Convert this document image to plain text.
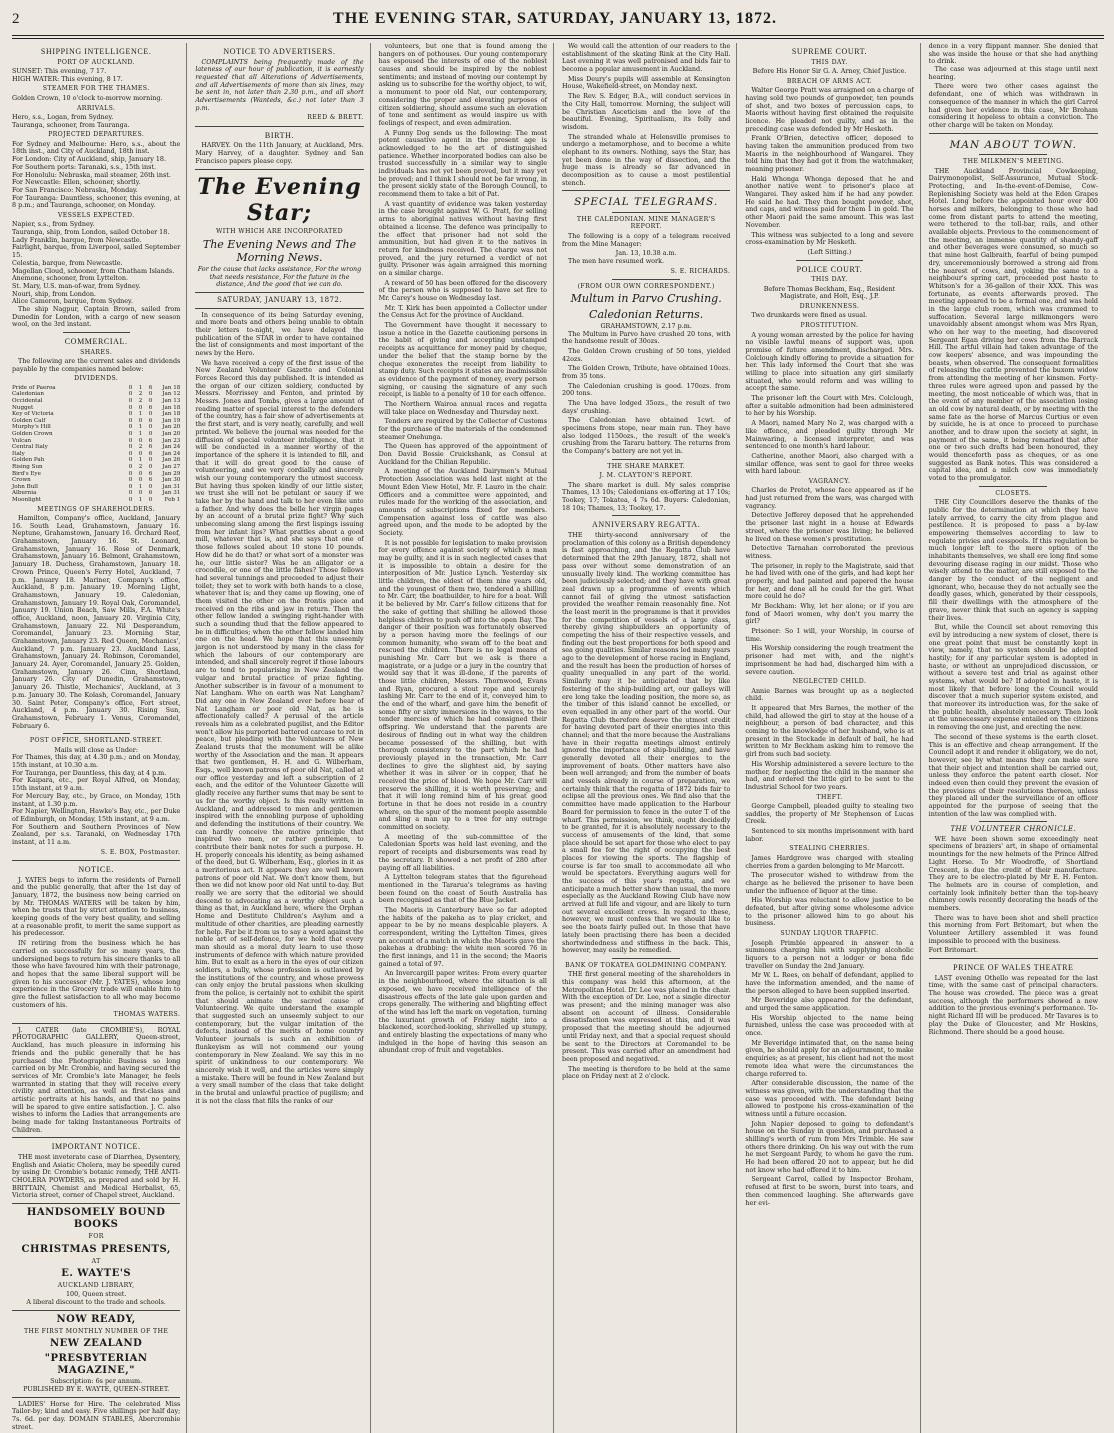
2	THE EVENING STAR, SATURDAY, JANUARY 13, 1872.
SHIPPING INTELLIGENCE.
PORT OF AUCKLAND.

SUNSET: This evening, 7 17.

HIGH WATER: This evening, 8 17.

STEAMER FOR THE THAMES.

Golden Crown, 10 o'clock to-morrow morning.

ARRIVALS.

Hero, s.s., Logan, from Sydney.

Tauranga, schooner, from Tauranga.

PROJECTED DEPARTURES.

For Sydney and Melbourne: Hero, s.s., about the 18th inst., and City of Auckland, 18th inst.

For London: City of Auckland, ship, January 18.

For Southern ports: Taranaki, s.s., 15th inst.

For Honolulu: Nebraska, mail steamer, 26th inst.

For Newcastle: Ellen, schooner, shortly.

For San Francisco: Nebraska, Monday.

For Tauranga: Dauntless, schooner, this evening, at 8 p.m.; and Tauranga, schooner, on Monday.

VESSELS EXPECTED.

Napier, s.s., from Sydney.

Tauranga, ship, from London, sailed October 18.

Lady Franklin, barque, from Newcastle.

Fairlight, barque, from Liverpool, sailed September 15.

Celestia, barque, from Newcastle.

Magellan Cloud, schooner, from Chatham Islands.

Anemone, schooner, from Lyttelton.

St. Mary, U.S. man-of-war, from Sydney.

Nouri, ship, from London.

Alice Cameron, barque, from Sydney.

The ship Nagpur, Captain Brown, sailed from Dunedin for London, with a cargo of new season wool, on the 3rd instant.

COMMERCIAL.
SHARES.

The following are the current sales and dividends payable by the companies named below:

DIVIDENDS.
Pride of Paeroa	0	1	6	Jan 18
Caledonian	0	2	0	Jan 12
Occidental	0	2	0	Jan 13
Nugget	0	0	6	Jan 18
Key of Victoria	0	1	0	Jan 18
Golden Calf	0	0	6	Jan 19
Murphy's Hill	0	1	0	Jan 20
Golden Crown	0	1	0	Jan 20
Vulcan	0	0	6	Jan 23
Central Italy	0	2	6	Jan 24
Italy	0	0	6	Jan 24
Golden Pah	0	1	0	Jan 26
Rising Sun	0	2	0	Jan 27
Bird's Eye	0	0	6	Jan 29
Crown	0	0	6	Jan 30
John Bull	0	1	0	Jan 31
Alburnia	0	0	6	Jan 31
Moonlight	0	1	0	Feb 1
MEETINGS OF SHAREHOLDERS.

Hamilton, Company's office, Auckland, January 16. South Lead, Grahamstown, January 16. Neptune, Grahamstown, January 16. Orchard Reef, Grahamstown, January 16. St. Leonard, Grahamstown, January 16. Rose of Denmark, Grahamstown, January 16. Belmont, Grahamstown, January 18. Duchess, Grahamstown, January 18. Crown Prince, Queen's Ferry Hotel, Auckland, 7 p.m. January 18. Mariner, Company's office, Auckland, 8 p.m. January 19. Morning Light, Grahamstown, January 19. Caledonian, Grahamstown, January 19. Royal Oak, Coromandel, January 19. Union Beach, Saw Mills, F.A. White's office, Auckland, noon, January 20. Virginia City, Grahamstown, January 22. Nil Desperandum, Coromandel, January 23. Morning Star, Grahamstown, January 23. Red Queen, Mechanics', Auckland, 7 p.m. January 23. Auckland Lass, Grahamstown, January 24. Robinson, Coromandel, January 24. Ayer, Coromandel, January 25. Golden, Grahamstown, January 26. Cinn, Shortland, January 26. City of Dunedin, Grahamstown, January 26. Thistle, Mechanics', Auckland, at 3 p.m. January 30. The Kolash, Coromandel, January 30. Saint Peter, Company's office, Fort street, Auckland, 4 p.m. January 30. Rising Sun, Grahamstown, February 1. Venus, Coromandel, February 6.

POST OFFICE, SHORTLAND-STREET.

Mails will close as Under:

For Thames, this day, at 4.30 p.m.; and on Monday, 15th instant, at 10.30 a.m.

For Tauranga, per Dauntless, this day, at 4 p.m.

For Kaipara, etc., per Royal Alfred, on Monday, 15th instant, at 9 a.m.

For Mercury Bay, etc., by Grace, on Monday, 15th instant, at 1.30 p.m.

For Napier, Wellington, Hawke's Bay, etc., per Duke of Edinburgh, on Monday, 15th instant, at 9 a.m.

For Southern and Southern Provinces of New Zealand, per s.s. Taranaki, on Wednesday 17th instant, at 11 a.m.

S. E. BOX, Postmaster.
NOTICE.

J. YATES begs to inform the residents of Parnell and the public generally, that after the 1st day of January, 1872, the business now being carried on by Mr. THOMAS WATERS will be taken by him, when he trusts that by strict attention to business, keeping goods of the very best quality, and selling at a reasonable profit, to merit the same support as his predecessor.

IN retiring from the business which he has carried on successfully for so many years, the undersigned begs to return his sincere thanks to all those who have favoured him with their patronage, and hopes that the same liberal support will be given to his successor (Mr. J. YATES), whose long experience in the Grocery trade will enable him to give the fullest satisfaction to all who may become customers of his.

THOMAS WATERS.

J. CATER (late CROMBIE'S), ROYAL PHOTOGRAPHIC GALLERY, Queen-street, Auckland, has much pleasure in informing his friends and the public generally that he has purchased the Photographic Business so long carried on by Mr. Crombie, and having secured the services of Mr. Crombie's late Manager, he feels warranted in stating that they will receive every civility and attention, as well as first-class and artistic portraits at his hands, and that no pains will be spared to give entire satisfaction. J. C. also wishes to inform the Ladies that arrangements are being made for taking Instantaneous Portraits of Children.

IMPORTANT NOTICE.

THE most inveterate case of Diarrhea, Dysentery, English and Asiatic Cholera, may be speedily cured by using Dr. Crombie's botanic remedy, THE ANTI-CHOLERA POWDERS, as prepared and sold by H. BRITTAIN, Chemist and Medical Herbalist, 65, Victoria street, corner of Chapel street, Auckland.

HANDSOMELY BOUND BOOKS
FOR
CHRISTMAS PRESENTS,
AT
E. WAYTE'S
AUCKLAND LIBRARY,

100, Queen street.

A liberal discount to the trade and schools.

NOW READY,
THE FIRST MONTHLY NUMBER OF THE
NEW ZEALAND
"PRESBYTERIAN MAGAZINE,"

Subscription: 6s per annum.

PUBLISHED BY E. WAYTE, QUEEN-STREET.

LADIES' Horse for Hire. The celebrated Miss Tailor-by; kind and easy. Five shillings per half day; 7s. 6d. per day. DOMAIN STABLES, Abercrombie street.

NOTICE TO ADVERTISERS.

COMPLAINTS being frequently made of the lateness of our hour of publication, it is earnestly requested that all Alterations of Advertisements, and all Advertisements of more than six lines, may be sent in, not later than 2.30 p.m., and all short Advertisements (Wanteds, &c.) not later than 3 p.m.

REED & BRETT.
BIRTH.

HARVEY. On the 11th January, at Auckland, Mrs. Mary Harvey, of a daughter. Sydney and San Francisco papers please copy.

The Evening Star;
WITH WHICH ARE INCORPORATED
The Evening News and The Morning News.

For the cause that lacks assistance, For the wrong that needs resistance, For the future in the distance, And the good that we can do.

SATURDAY, JANUARY 13, 1872.

In consequence of its being Saturday evening, and more boats and others being unable to obtain their letters to-night, we have delayed the publication of the STAR in order to have contained the list of consignments and most important of the news by the Hero.

We have received a copy of the first issue of the New Zealand Volunteer Gazette and Colonial Forces Record this day published. It is intended as the organ of our citizen soldiery, conducted by Messrs. Morrissey and Fenton, and printed by Messrs. Jones and Tombs, gives a large amount of reading matter of special interest to the defenders of the country, has a fair show of advertisements at the first start, and is very neatly, carefully, and well printed. We believe the journal was needed for the diffusion of special volunteer intelligence, that it will be conducted in a manner worthy of the importance of the sphere it is intended to fill, and that it will do great good to the cause of volunteering, and we very cordially and sincerely wish our young contemporary the utmost success. But having thus spoken kindly of our little sister, we trust she will not be petulant or saucy if we take her by the hand and talk to her even like unto a father. And why does the belle her virgin pages by an account of a brutal prize fight? Why such unbecoming slang among the first lispings issuing from her infant lips? What prattles about a good mill, whatever that is, and she says that one of those fellows scaled about 10 stone 10 pounds. How did he do that? or what sort of a monster was he, our little sister? Was he an alligator or a crocodile, or one of the little fishes? Those fellows had several tunnings and proceeded to adjust their toilet; they set to work with both hands to a close, whatever that is; and they came up flowing, one of them visited the other on the frontis piece and received on the ribs and jaw in return. Then the other fellow landed a swinging right-hander with such a sounding thud that the fellow appeared to be in difficulties; when the other fellow landed him one on the head. We hope that this unseemly jargon is not understood by many in the class for which the labours of our contemporary are intended, and shall sincerely regret if those labours are to tend to popularising in New Zealand the vulgar and brutal practice of prize fighting. Another subscriber is in favour of a monument to Nat Langham. Who on earth was Nat Langham? Did any one in New Zealand ever before hear of Nat Langham or poor old Nat, as he is affectionately called? A perusal of the article reveals him as a celebrated pugilist, and the Editor won't allow his purported battered carcase to rot in peace, but pleading with the Volunteers of New Zealand trusts that the monument will be alike worthy of the Association and the man. It appears that two gentlemen, H. H. and G. Wilberham, Esqs., well known patrons of poor old Nat, called at our office yesterday and left a subscription of 2 each, and the editor of the Volunteer Gazette will gladly receive any further sums that may be sent to us for the worthy object. Is this really written in Auckland, and addressed to men and gentlemen inspired with the ennobling purpose of upholding and defending the institutions of their country. We can hardly conceive the motive principle that inspired two men, or rather gentlemen, to contribute their bank notes for such a purpose. H. H. properly conceals his identity, as being ashamed of the deed, but G. Wilberham, Esq., glories in it as a meritorious act. It appears they are well known patrons of poor old Nat. We don't know them, but then we did not know poor old Nat until to-day. But really we are sorry that the editorial we should descend to advocating as a worthy object such a thing as that, in Auckland here, where the Orphan Home and Destitute Children's Asylum and a multitude of other charities, are pleading earnestly for help. Far be it from us to say a word against the noble art of self-defence, for we hold that every man should as a moral duty learn to use those instruments of defence with which nature provided him. But to exalt as a hero in the eyes of our citizen soldiers, a bully, whose profession is outlawed by the institutions of the country, and whose prowess can only enjoy the brutal passions when skulking from the police, is certainly not to exhibit the spirit that should animate the sacred cause of Volunteering. We quite understand the example that suggested such an unseemly subject to our contemporary, but the vulgar imitation of the defects, instead of the merits of home country Volunteer journals is such an exhibition of flunkeyism as will not commend our young contemporary in New Zealand. We say this in no spirit of unkindness to our contemporary. We sincerely wish it well, and the articles were simply a mistake. There will be found in New Zealand but a very small number of the class that take delight in the brutal and unlawful practice of pugilism; and it is not the class that fills the ranks of our

volunteers, but one that is found among the hangers on of pothouses. Our young contemporary has espoused the interests of one of the noblest causes and should be inspired by the noblest sentiments; and instead of moving our contempt by asking us to subscribe for the worthy object, to wit, a monument to poor old Nat, our contemporary, considering the proper and elevating purposes of citizen soldiering, should assume such an elevation of tone and sentiment as would inspire us with feelings of respect, and even admiration.

A Funny Dog sends us the following: The most potent causative agent in the present age is acknowledged to be the art of distinguished patience. Whether incorporated bodies can also be trusted successfully in a similar way to single individuals has not yet been proved, but it may yet be proved; and I think I should not be far wrong, in the present sickly state of the Borough Council, to recommend them to take a bit of Pat.

A vast quantity of evidence was taken yesterday in the case brought against W. G. Pratt, for selling arms to aboriginal natives without having first obtained a license. The defence was principally to the effect that prisoner had not sold the ammunition, but had given it to the natives in return for kindness received. The charge was not proved, and the jury returned a verdict of not guilty. Prisoner was again arraigned this morning on a similar charge.

A reward of 50 has been offered for the discovery of the person who is supposed to have set fire to Mr. Carey's house on Wednesday last.

Mr. T. Kirk has been appointed a Collector under the Census Act for the province of Auckland.

The Government have thought it necessary to issue a notice in the Gazette cautioning persons in the habit of giving and accepting unstamped receipts as acquittance for money paid by cheque, under the belief that the stamp borne by the cheque exonerates the receipt from liability to stamp duty. Such receipts it states are inadmissible as evidence of the payment of money, every person signing, or causing the signature of any such receipt, is liable to a penalty of 10 for each offence.

The Northern Wairoa annual races and regatta will take place on Wednesday and Thursday next.

Tenders are required by the Collector of Customs for the purchase of the materials of the condemned steamer Onehunga.

The Queen has approved of the appointment of Don David Bossie Cruickshank, as Consul at Auckland for the Chilian Republic.

A meeting of the Auckland Dairymen's Mutual Protection Association was held last night at the Mount Eden View Hotel, Mr. F. Lauro in the chair. Officers and a committee were appointed, and rules made for the working of the association, and amounts of subscriptions fixed for members. Compensation against loss of cattle was also agreed upon, and the mode to be adopted by the Society.

It is not possible for legislation to make provision for every offence against society of which a man may be guilty, and it is in such neglected cases that it is impossible to obtain a desire for the interposition of Mr. Justice Lynch. Yesterday six little children, the eldest of them nine years old, and the youngest of them two, tendered a shilling to Mr. Carr, the boatbuilder, to hire for a boat. Will it be believed by Mr. Carr's fellow citizens that for the sake of getting that shilling he allowed those helpless children to push off into the open Bay. The danger of their position was fortunately observed by a person having more the feelings of our common humanity, who swam off to the boat and rescued the children. There is no legal means of punishing Mr. Carr but we ask is there a magistrate, or a judge or a jury in the country that would say that it was ill-done, if the parents of those little children, Messrs. Thornwood, Evans and Ryan, procured a stout rope and securely lashing Mr. Carr to the end of it, conveyed him to the end of the wharf, and gave him the benefit of some fifty or sixty immersions in the waves, to the tender mercies of which he had consigned their offspring. We understand that the parents are desirous of finding out in what way the children became possessed of the shilling, but with thorough consistency to the part which he had previously played in the transaction, Mr. Carr declines to give the slightest aid, by saying whether it was in silver or in copper, that he received the price of blood. We hope Mr. Carr will preserve the shilling, it is worth preserving; and that it will long remind him of his great good fortune in that he does not reside in a country where, on the spur of the moment people assemble and sling a man up to a tree for any outrage committed on society.

A meeting of the sub-committee of the Caledonian Sports was held last evening, and the report of receipts and disbursements was read by the secretary. It showed a net profit of 280 after paying off all liabilities.

A Lyttelton telegram states that the figurehead mentioned in the Tararua's telegrams as having been found on the coast of South Australia has been recognised as that of the Blue Jacket.

The Maoris in Canterbury have so far adopted the habits of the pakeha as to play cricket, and appear to be by no means despicable players. A correspondent, writing the Lyttelton Times, gives an account of a match in which the Maoris gave the pakehas a drubbing: the white men scored 76 in the first innings, and 11 in the second; the Maoris gained a total of 97.

An Invercargill paper writes: From every quarter in the neighbourhood, where the situation is all exposed, we have received intelligence of the disastrous effects of the late gale upon garden and crops generally. The withering and blighting effect of the wind has left the mark on vegetation, turning the luxuriant growth of Friday night into a blackened, scorched-looking, shrivelled up stumpy, and entirely blasting the expectations of many who indulged in the hope of having this season an abundant crop of fruit and vegetables.

We would call the attention of our readers to the establishment of the skating Rink at the City Hall. Last evening it was well patronised and bids fair to become a popular amusement in Auckland.

Miss Deury's pupils will assemble at Kensington House, Wakefield-street, on Monday next.

The Rev. S. Edger, B.A., will conduct services in the City Hall, tomorrow. Morning, the subject will be Christian Asceticism and the love of the beautiful. Evening, Spiritualism, its folly and wisdom.

The stranded whale at Helensville promises to undergo a metamorphose, and to become a white elephant to its owners. Nothing, says the Star, has yet been done in the way of dissection, and the huge mass is already so far advanced in decomposition as to cause a most pestilential stench.

SPECIAL TELEGRAMS.
THE CALEDONIAN. MINE MANAGER'S REPORT.

The following is a copy of a telegram received from the Mine Manager:

Jan. 13, 10.38 a.m.

The men have resumed work.

S. E. RICHARDS.
(FROM OUR OWN CORRESPONDENT.)
Multum in Parvo Crushing.
Caledonian Returns.

GRAHAMSTOWN, 2.17 p.m.

The Multum in Parvo have crushed 20 tons, with the handsome result of 30ozs.

The Golden Crown crushing of 50 tons, yielded 42ozs.

The Golden Crown, Tribute, have obtained 10ozs. from 35 tons.

The Caledonian crushing is good. 170ozs. from 200 tons.

The Una have lodged 35ozs., the result of two days' crushing.

The Caledonian have obtained 1cwt. of specimens from stope, near main run. They have also lodged 1150ozs., the result of the week's crushing from the Tararu battery. The returns from the Company's battery are not yet in.

THE SHARE MARKET.
J. M. CLAYTON'S REPORT.

The share market is dull. My sales comprise Thames, 13 10s; Caledonians ex-offering at 17 10s; Tookey, 17; Tokatea, 4 7s 6d. Buyers: Caledonian, 18 10s; Thames, 13; Tookey, 17.

ANNIVERSARY REGATTA.

THE thirty-second anniversary of the proclamation of this colony as a British dependency is fast approaching, and the Regatta Club have determined that the 29th January, 1872, shall not pass over without some demonstration of an unusually lively kind. The working committee has been judiciously selected; and they have with great zeal drawn up a programme of events which cannot fail of giving the utmost satisfaction provided the weather remain reasonably fine. Not the least merit in the programme is that it provides for the competition of vessels of a large class, thereby giving shipbuilders an opportunity of competing the hiss of their respective vessels, and finding out the best proportions for both speed and sea going qualities. Similar reasons led many years ago to the development of horse racing in England, and the result has been the production of horses of quality unequalled in any part of the world. Similarly may it be anticipated that by like fostering of the ship-building art, our galleys will ere long take the leading position, the more so, as the timber of this island cannot be excelled, or even equalled in any other part of the world. Our Regatta Club therefore deserve the utmost credit for having devoted part of their energies into this channel; and that the more because the Australians have in their regatta meetings almost entirely ignored the importance of ship-building, and have generally devoted all their energies to the improvement of boats. Other matters have also been well arranged; and from the number of boats and vessels already in course of preparation, we certainly think that the regatta of 1872 bids fair to eclipse all the previous ones. We find also that the committee have made application to the Harbour Board for permission to fence in the outer T of the wharf. This permission, we think, ought decidedly to be granted, for it is absolutely necessary to the success of amusements of the kind, that some place should be set apart for those who elect to pay a small fee for the right of occupying the best places for viewing the sports. The flagship of course is far too small to accommodate all who would be spectators. Everything augurs well for the success of this year's regatta, and we anticipate a much better show than usual, the more especially as the Auckland Rowing Club have now arrived at full life and vigour, and are likely to turn out several excellent crews. In regard to these, however, we must confess that we should like to see the boats fairly pulled out. In those that have lately been practising there has been a decided shortwindedness and stiffness in the back. This, however, may easily be remedied.

BANK OF TOKATEA GOLDMINING COMPANY.

THE first general meeting of the shareholders in this company was held this afternoon, at the Metropolitan Hotel. Dr. Lee was placed in the chair. With the exception of Dr. Lee, not a single director was present; and the mining manager was also absent on account of illness. Considerable dissatisfaction was expressed at this, and it was proposed that the meeting should be adjourned until Friday next, and that a special request should be sent to the Directors at Coromandel to be present. This was carried after an amendment had been proposed and negatived.

The meeting is therefore to be held at the same place on Friday next at 2 o'clock.

SUPREME COURT.
THIS DAY.

Before His Honor Sir G. A. Arney, Chief Justice.

BREACH OF ARMS ACT.

Walter George Pratt was arraigned on a charge of having sold two pounds of gunpowder, ten pounds of shot, and two boxes of percussion caps, to Maoris without having first obtained the requisite licence. He pleaded not guilty, and as in the preceding case was defended by Mr Hesketh.

Frank O'Brien, detective officer, deposed to having taken the ammunition produced from two Maoris in the neighbourhood of Wangarei. They told him that they had got it from the watchmaker, meaning prisoner.

Haki Whonga Whonga deposed that he and another native went to prisoner's place at Wangarei. They asked him if he had any powder. He said he had. They then bought powder, shot, and caps, and witness paid for them 1 in gold. The other Maori paid the same amount. This was last November.

This witness was subjected to a long and severe cross-examination by Mr Hesketh.

(Left Sitting.)

POLICE COURT.
THIS DAY.

Before Thomas Beckham, Esq., Resident Magistrate, and Holt, Esq., J.P.

DRUNKENNESS.

Two drunkards were fined as usual.

PROSTITUTION.

A young woman arrested by the police for having no visible lawful means of support was, upon promise of future amendment, discharged. Mrs. Colclough kindly offering to provide a situation for her. This lady informed the Court that she was willing to place into situation any girl similarly situated, who would reform and was willing to accept the same.

The prisoner left the Court with Mrs. Colclough, after a suitable admonition had been administered to her by his Worship.

A Maori, named Mary No 2, was charged with a like offence, and pleaded guilty through Mr Mainwaring, a licensed interpreter, and was sentenced to one month's hard labour.

Catherine, another Maori, also charged with a similar offence, was sent to gaol for three weeks with hard labour.

VAGRANCY.

Charles de Pretot, whose face appeared as if he had just returned from the wars, was charged with vagrancy.

Detective Jefferey deposed that he apprehended the prisoner last night in a house at Edwards street, where the prisoner was living; he believed he lived on these women's prostitution.

Detective Tarnahan corroborated the previous witness.

The prisoner, in reply to the Magistrate, said that he had lived with one of the girls, and had kept her properly, and had painted and papered the house for her, and done all he could for the girl. What more could he do?

Mr Beckham: Why, let her alone; or if you are fond of Maori women, why don't you marry the girl?

Prisoner: So I will, your Worship, in course of time.

His Worship considering the rough treatment the prisoner had met with, and the night's imprisonment he had had, discharged him with a severe caution.

NEGLECTED CHILD.

Annie Barnes was brought up as a neglected child.

It appeared that Mrs Barnes, the mother of the child, had allowed the girl to stay at the house of a neighbour, a person of bad character, and this coming to the knowledge of her husband, who is at present in the Stockade in default of bail, he had written to Mr Beckham asking him to remove the girl from such bad society.

His Worship administered a severe lecture to the mother, for neglecting the child in the manner she had, and ordered the little girl to be sent to the Industrial School for two years.

THEFT.

George Campbell, pleaded guilty to stealing two saddles, the property of Mr Stephenson of Lucas Creek.

Sentenced to six months imprisonment with hard labor.

STEALING CHERRIES.

James Hardgrove was charged with stealing cherries from a garden belonging to Mr Marcott.

The prosecutor wished to withdraw from the charge as he believed the prisoner to have been under the influence of liquor at the time.

His Worship was reluctant to allow justice to be defeated, but after giving some wholesome advice to the prisoner allowed him to go about his business.

SUNDAY LIQUOR TRAFFIC.

Joseph Primble appeared in answer to a summons charging him with supplying alcoholic liquors to a person not a lodger or bona fide traveller on Sunday the 2nd January.

Mr W. L. Rees, on behalf of defendant, applied to have the information amended, and the name of the person alleged to have been supplied inserted.

Mr Beveridge also appeared for the defendant, and urged the same application.

His Worship objected to the name being furnished, unless the case was proceeded with at once.

Mr Beveridge intimated that, on the name being given, he should apply for an adjournment, to make enquiries; as at present, his client had not the most remote idea what were the circumstances the charge referred to.

After considerable discussion, the name of the witness was given, with the understanding that the case was proceeded with. The defendant being allowed to postpone his cross-examination of the witness until a future occasion.

John Napier deposed to going to defendant's house on the Sunday in question, and purchased a shilling's worth of rum from Mrs Trimble. He saw others there drinking. On his way out with the rum he met Sergeant Pardy, to whom he gave the rum. He had been offered 20 not to appear, but he did not know who had offered it to him.

Sergeant Carrol, called by Inspector Broham, refused at first to be sworn, burst into tears, and then commenced laughing. She afterwards gave her evi-

dence in a very flippant manner. She denied that she was inside the house or that she had anything to drink.

The case was adjourned at this stage until next hearing.

There were two other cases against the defendant, one of which was withdrawn in consequence of the manner in which the girl Carrol had given her evidence in this case, Mr Broham considering it hopeless to obtain a conviction. The other charge will be taken on Monday.

MAN ABOUT TOWN.
THE MILKMEN'S MEETING.

THE Auckland Provincial Cowkeeping, Dairymonopolist, Self-Assurance, Mutual Stock-Protecting, and In-the-event-of-Demise, Cow-Replenishing Society was held at the Eden Grapes Hotel. Long before the appointed hour over 400 horses and milkers, belonging to those who had come from distant parts to attend the meeting, were tethered to the toll-bar, rails, and other available objects. Previous to the commencement of the meeting, an immense quantity of shandy-gaff and other beverages were consumed, so much so that mine host Galbraith, fearful of being pumped dry, unceremoniously borrowed a strong aid from the nearest of cows, and, yoking the same to a neighbour's spring cart, proceeded post haste to Whitson's for a 36-gallon of their XXX. This was fortunate, as events afterwards proved. The meeting appeared to be a formal one, and was held in the large club room, which was crammed to suffocation. Several large milkmongers were unavoidably absent amongst whom was Mrs Ryan, who on her way to the meeting, had discovered Sergeant Egan driving her cows from the Barrack Hill. The artful villain had taken advantage of the cow keepers' absence, and was impounding the beasts, when observed. The consequent formalities of releasing the cattle prevented the buxom widow from attending the meeting of her kinsmen. Forty-three rules were agreed upon and passed by the meeting, the most noticeable of which was, that in the event of any member of the association losing an old cow by natural death, or by meeting with the same fate as the horse of Marcus Curtius or even by suicide, he is at once to proceed to purchase another, and to draw upon the society at sight, in payment of the same, it being remarked that after one or two such drafts had been honoured, they would thenceforth pass as cheques, or as one suggested as Bank notes. This was considered a capital idea, and a milch cow was immediately voted to the promulgator.

CLOSETS.

THE City Councillors deserve the thanks of the public for the determination at which they have lately arrived, to carry the city from plague and pestilence. It is proposed to pass a by-law empowering themselves according to law to regulate privies and cesspools. If this regulation be much longer left to the mere option of the inhabitants themselves, we shall ere long find some devouring disease raging in our midst. Those who wisely attend to the matter, are still exposed to the danger by the conduct of the negligent and ignorant, who, because they do not actually see the deadly gases, which, generated by their cesspools, fill their dwellings with the atmosphere of the grave, never think that such an agency is sapping their lives.

But, while the Council set about removing this evil by introducing a new system of closet, there is one great point that must be constantly kept in view, namely, that no system should be adopted hastily; for if any particular system is adopted in haste, or without an unprejudiced discussion, or without a severe test and trial as against other systems, what would be? If adopted in haste, it is most likely that before long the Council would discover that a much superior system existed, and that moreover its introduction was, for the sake of the public health, absolutely necessary. Then look at the unnecessary expense entailed on the citizens in removing the one just, and erecting the new.

The second of these systems is the earth closet. This is an effective and cheap arrangement. If the Council adopt it and render it obligatory, we do not, however, see by what means they can make sure that their object and intention shall be carried out, unless they enforce the patent earth closet. Nor indeed even then could they prevent the evasion of the provisions of their resolutions thereon, unless they placed all under the surveillance of an officer appointed for the purpose of seeing that the intention of the law was complied with.

THE VOLUNTEER CHRONICLE.

WE have been shown some exceedingly neat specimens of braziers' art, in shape of ornamental mountings for the new helmets of the Prince Alfred Light Horse. To Mr Woodroffe, of Shortland Crescent, is due the credit of their manufacture. They are to be electro-plated by Mr E. H. Fenton. The helmets are in course of completion, and certainly look infinitely better than the top-heavy chimney cowls recently decorating the heads of the members.

There was to have been shot and shell practice this morning from Fort Britomart, but when the Volunteer Artillery assembled it was found impossible to proceed with the business.

Fort Britomart.

PRINCE OF WALES THEATRE

LAST evening Othello was repeated for the last time, with the same cast of principal characters. The house was crowded. The piece was a great success, although the performers showed a new addition to the previous evening's performance. To-night Richard III will be produced. Mr Tavares is to play the Duke of Gloucester, and Mr Hoskins, Richmond. There should be a good house.
